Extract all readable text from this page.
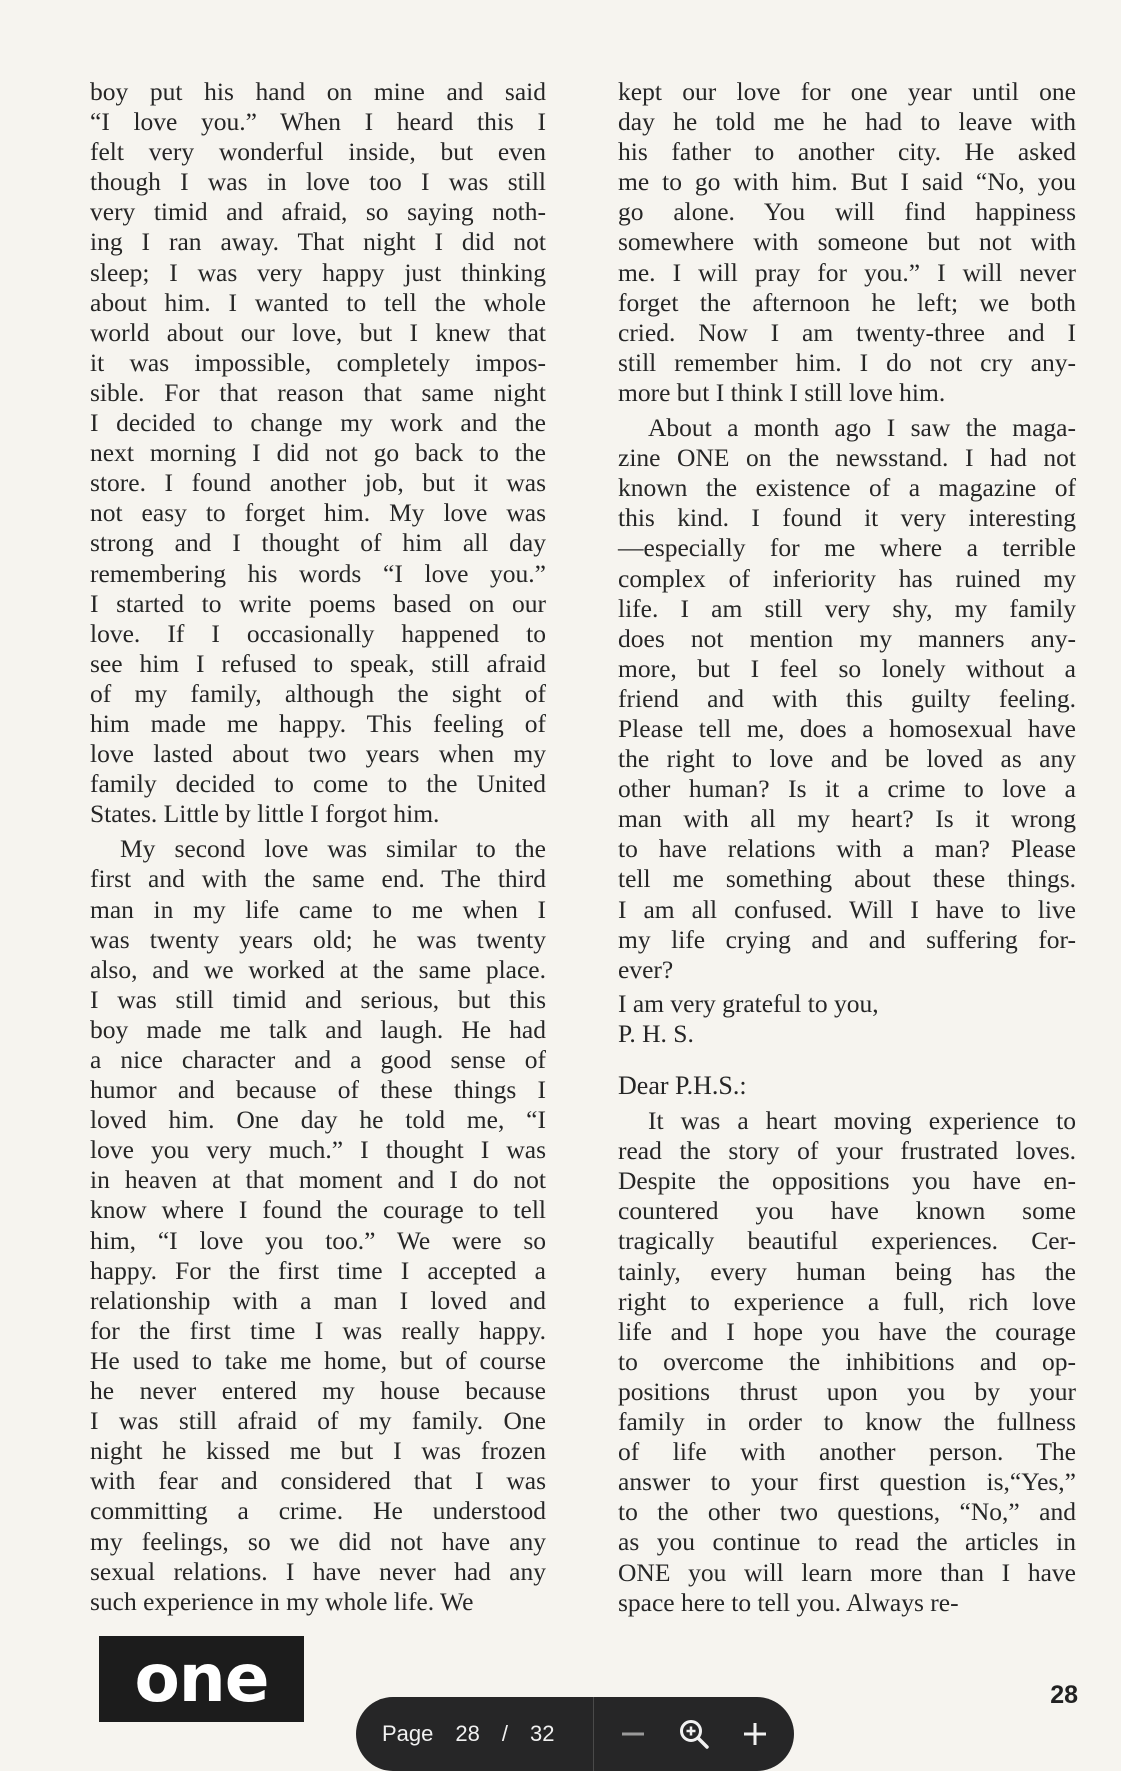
boy put his hand on mine and said
“I love you.” When I heard this I
felt very wonderful inside, but even
though I was in love too I was still
very timid and afraid, so saying noth-
ing I ran away. That night I did not
sleep; I was very happy just thinking
about him. I wanted to tell the whole
world about our love, but I knew that
it was impossible, completely impos-
sible. For that reason that same night
I decided to change my work and the
next morning I did not go back to the
store. I found another job, but it was
not easy to forget him. My love was
strong and I thought of him all day
remembering his words “I love you.”
I started to write poems based on our
love. If I occasionally happened to
see him I refused to speak, still afraid
of my family, although the sight of
him made me happy. This feeling of
love lasted about two years when my
family decided to come to the United
States. Little by little I forgot him.

My second love was similar to the
first and with the same end. The third
man in my life came to me when I
was twenty years old; he was twenty
also, and we worked at the same place.
I was still timid and serious, but this
boy made me talk and laugh. He had
a nice character and a good sense of
humor and because of these things I
loved him. One day he told me, “I
love you very much.” I thought I was
in heaven at that moment and I do not
know where I found the courage to tell
him, “I love you too.” We were so
happy. For the first time I accepted a
relationship with a man I loved and
for the first time I was really happy.
He used to take me home, but of course
he never entered my house because
I was still afraid of my family. One
night he kissed me but I was frozen
with fear and considered that I was
committing a crime. He understood
my feelings, so we did not have any
sexual relations. I have never had any
such experience in my whole life. We

kept our love for one year until one
day he told me he had to leave with
his father to another city. He asked
me to go with him. But I said “No, you
go alone. You will find happiness
somewhere with someone but not with
me. I will pray for you.” I will never
forget the afternoon he left; we both
cried. Now I am twenty-three and I
still remember him. I do not cry any-
more but I think I still love him.

About a month ago I saw the maga-
zine ONE on the newsstand. I had not
known the existence of a magazine of
this kind. I found it very interesting
—especially for me where a terrible
complex of inferiority has ruined my
life. I am still very shy, my family
does not mention my manners any-
more, but I feel so lonely without a
friend and with this guilty feeling.
Please tell me, does a homosexual have
the right to love and be loved as any
other human? Is it a crime to love a
man with all my heart? Is it wrong
to have relations with a man? Please
tell me something about these things.
I am all confused. Will I have to live
my life crying and and suffering for-
ever?

I am very grateful to you,
P. H. S.

Dear P.H.S.:

It was a heart moving experience to
read the story of your frustrated loves.
Despite the oppositions you have en-
countered you have known some
tragically beautiful experiences. Cer-
tainly, every human being has the
right to experience a full, rich love
life and I hope you have the courage
to overcome the inhibitions and op-
positions thrust upon you by your
family in order to know the fullness
of life with another person. The
answer to your first question is,“Yes,”
to the other two questions, “No,” and
as you continue to read the articles in
ONE you will learn more than I have
space here to tell you. Always re-

one	28
Page 28 / 32
